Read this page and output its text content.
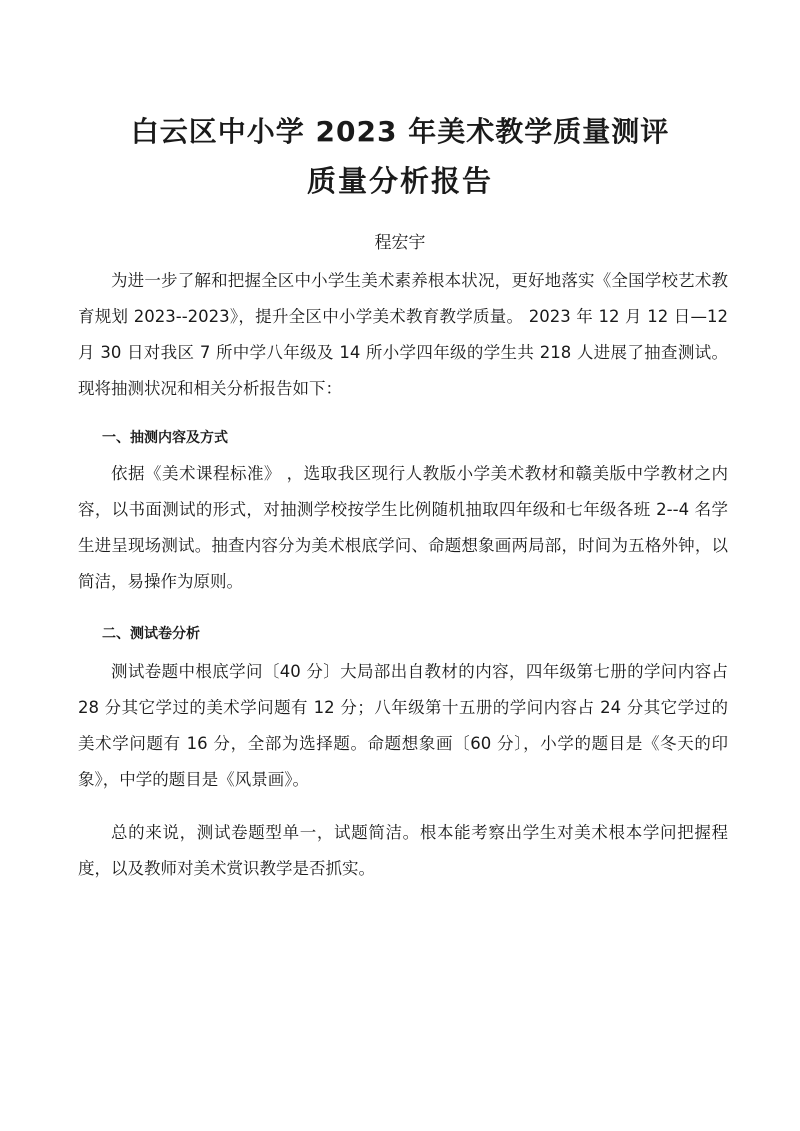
白云区中小学 2023 年美术教学质量测评
质量分析报告
程宏宇

为进一步了解和把握全区中小学生美术素养根本状况，更好地落实《全国学校艺术教育规划 2023--2023》，提升全区中小学美术教育教学质量。 2023 年 12 月 12 日—12 月 30 日对我区 7 所中学八年级及 14 所小学四年级的学生共 218 人进展了抽查测试。 现将抽测状况和相关分析报告如下：

一、抽测内容及方式

依据《美术课程标准》 ，选取我区现行人教版小学美术教材和赣美版中学教材之内容，以书面测试的形式，对抽测学校按学生比例随机抽取四年级和七年级各班 2--4 名学生进呈现场测试。抽查内容分为美术根底学问、命题想象画两局部，时间为五格外钟，以简洁，易操作为原则。

二、测试卷分析

测试卷题中根底学问〔40 分〕大局部出自教材的内容，四年级第七册的学问内容占 28 分其它学过的美术学问题有 12 分；八年级第十五册的学问内容占 24 分其它学过的美术学问题有 16 分，全部为选择题。命题想象画〔60 分〕，小学的题目是《冬天的印象》，中学的题目是《风景画》。

总的来说，测试卷题型单一，试题简洁。根本能考察出学生对美术根本学问把握程度，以及教师对美术赏识教学是否抓实。
